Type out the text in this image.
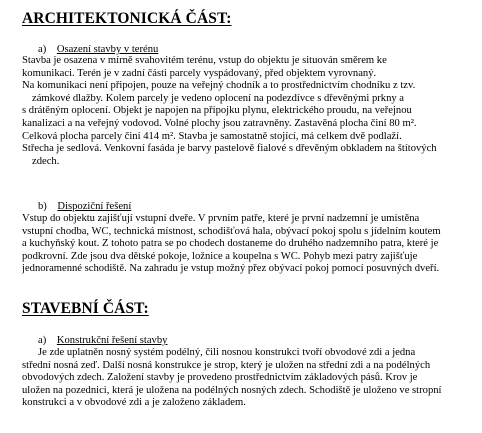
ARCHITEKTONICKÁ ČÁST:
a) Osazení stavby v terénu
Stavba je osazena v mírně svahovitém terénu, vstup do objektu je situován směrem ke
komunikaci. Terén je v zadní části parcely vyspádovaný, před objektem vyrovnaný.
Na komunikaci není připojen, pouze na veřejný chodník a to prostřednictvím chodníku z tzv.
zámkové dlažby. Kolem parcely je vedeno oplocení na podezdívce s dřevěnými prkny a
s drátěným oplocení. Objekt je napojen na přípojku plynu, elektrického proudu, na veřejnou
kanalizaci a na veřejný vodovod. Volné plochy jsou zatravněny. Zastavěná plocha činí 80 m².
Celková plocha parcely činí 414 m². Stavba je samostatně stojící, má celkem dvě podlaží.
Střecha je sedlová. Venkovní fasáda je barvy pastelově fialové s dřevěným obkladem na štítových
zdech.
b) Dispoziční řešení
Vstup do objektu zajišťují vstupní dveře. V prvním patře, které je první nadzemní je umístěna
vstupní chodba, WC, technická místnost, schodišťová hala, obývací pokoj spolu s jídelním koutem
a kuchyňský kout. Z tohoto patra se po chodech dostaneme do druhého nadzemního patra, které je
podkrovní. Zde jsou dva dětské pokoje, ložnice a koupelna s WC. Pohyb mezi patry zajišťuje
jednoramenné schodiště. Na zahradu je vstup možný přez obývací pokoj pomocí posuvných dveří.
STAVEBNÍ ČÁST:
a) Konstrukční řešení stavby
Je zde uplatněn nosný systém podélný, čili nosnou konstrukci tvoří obvodové zdi a jedna
střední nosná zeď. Další nosná konstrukce je strop, který je uložen na střední zdi a na podélných
obvodových zdech. Založení stavby je provedeno prostřednictvím základových pásů. Krov je
uložen na pozednici, která je uložena na podélných nosných zdech. Schodiště je uloženo ve stropní
konstrukci a v obvodové zdi a je založeno základem.
